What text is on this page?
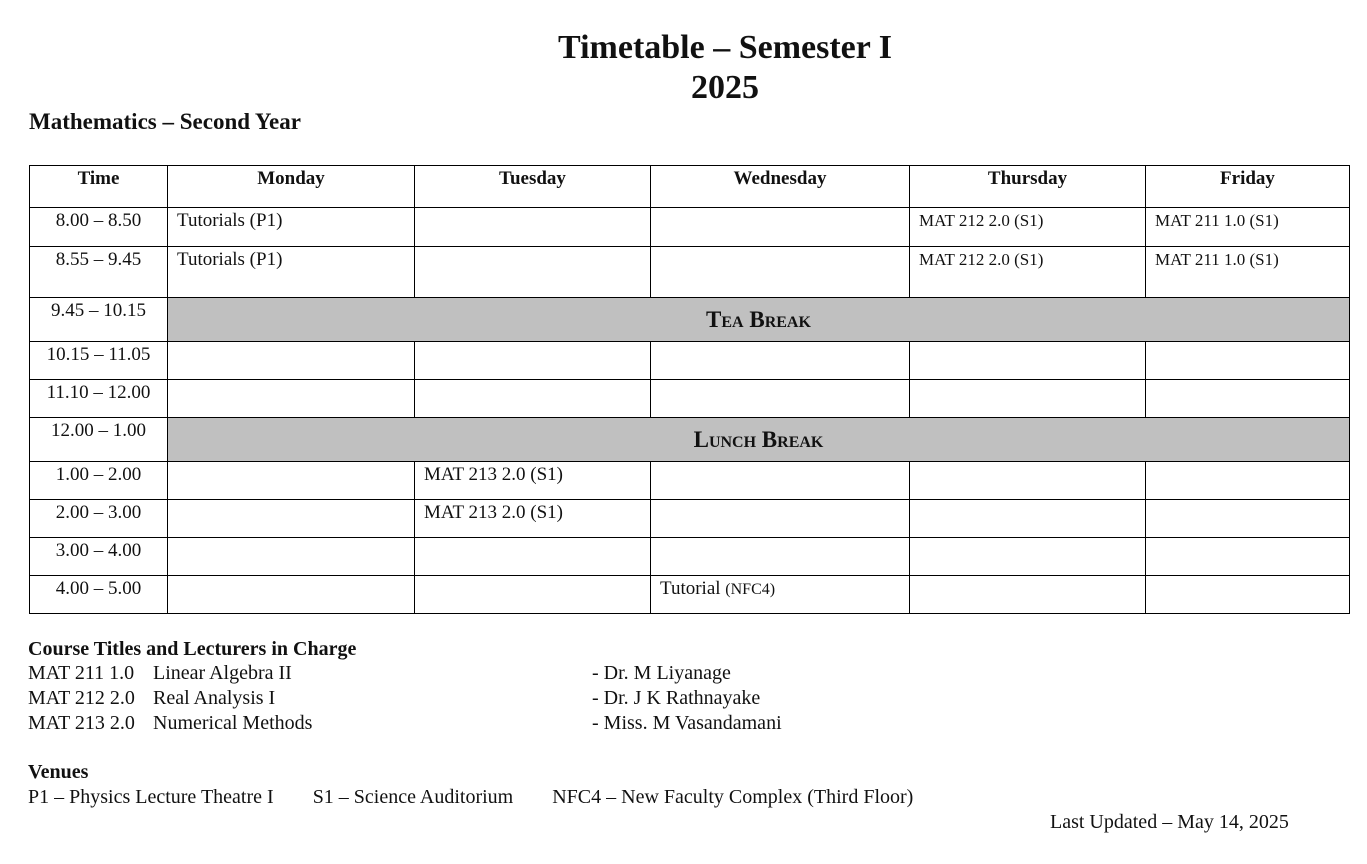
Timetable – Semester I
2025
Mathematics – Second Year
Time	Monday	Tuesday	Wednesday	Thursday	Friday
8.00 – 8.50	Tutorials (P1)			MAT 212 2.0 (S1)	MAT 211 1.0 (S1)
8.55 – 9.45	Tutorials (P1)			MAT 212 2.0 (S1)	MAT 211 1.0 (S1)
9.45 – 10.15	Tea Break				
10.15 – 11.05					
11.10 – 12.00					
12.00 – 1.00	Lunch Break				
1.00 – 2.00		MAT 213 2.0 (S1)			
2.00 – 3.00		MAT 213 2.0 (S1)			
3.00 – 4.00					
4.00 – 5.00			Tutorial (NFC4)		
Course Titles and Lecturers in Charge
MAT 211 1.0 Linear Algebra II	- Dr. M Liyanage
MAT 212 2.0 Real Analysis I	- Dr. J K Rathnayake
MAT 213 2.0 Numerical Methods	- Miss. M Vasandamani
Venues
P1 – Physics Lecture Theatre I S1 – Science Auditorium NFC4 – New Faculty Complex (Third Floor)
Last Updated – May 14, 2025
